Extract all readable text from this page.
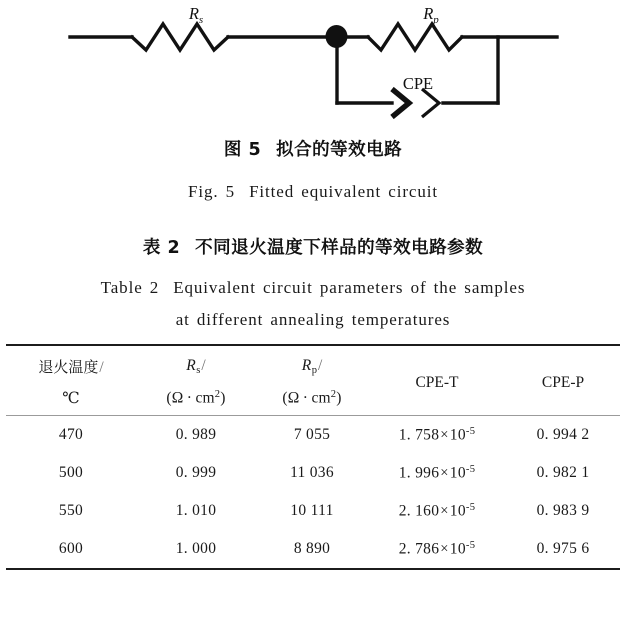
$R_s$	$R_p$
CPE
图 5 拟合的等效电路
Fig. 5 Fitted equivalent circuit
表 2 不同退火温度下样品的等效电路参数
Table 2 Equivalent circuit parameters of the samples
at different annealing temperatures

退火温度/	$R_s/$	$R_p/$	CPE-T	CPE-P
℃	$(\Omega \cdot cm^2)$	$(\Omega \cdot cm^2)$		

470	0. 989	7 055	1. $758\times 10^{-5}$	0. 994 2
500	0. 999	11 036	1. $996\times 10^{-5}$	0. 982 1
550	1. 010	10 111	2. $160\times 10^{-5}$	0. 983 9
600	1. 000	8 890	2. $786\times 10^{-5}$	0. 975 6
